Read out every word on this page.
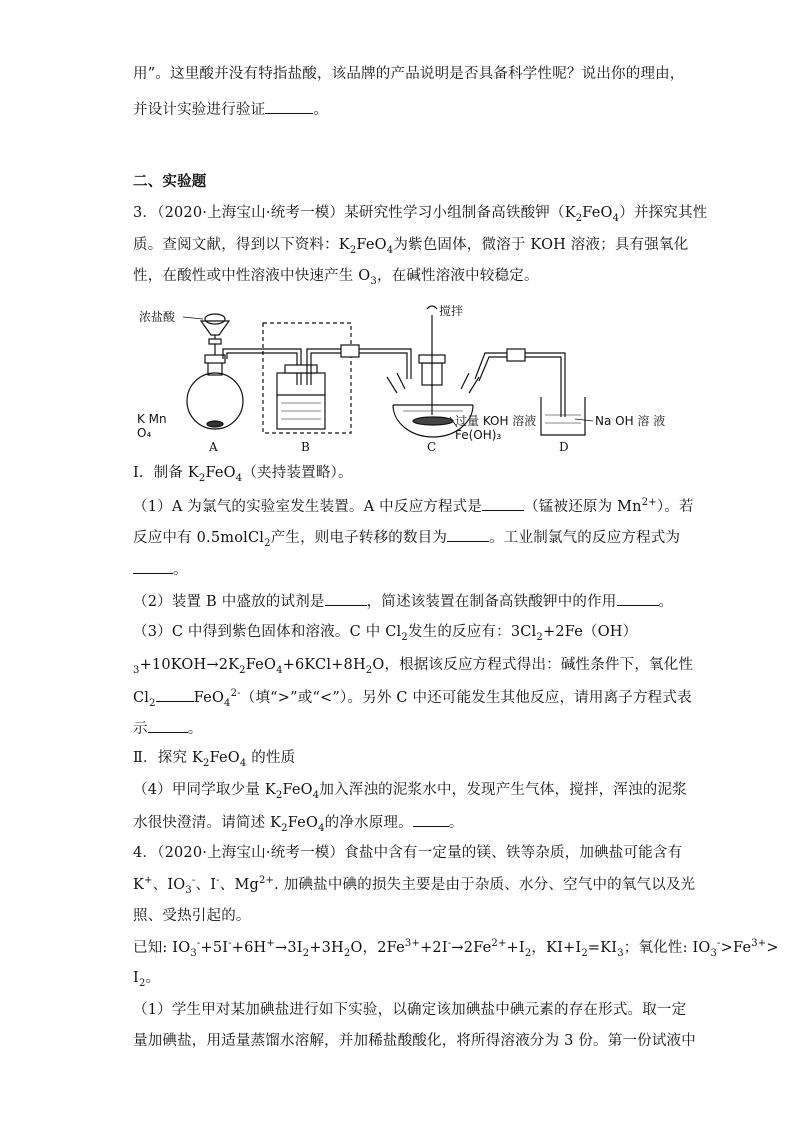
用”。这里酸并没有特指盐酸，该品牌的产品说明是否具备科学性呢？说出你的理由，
并设计实验进行验证	。
二、实验题
3．（2020·上海宝山·统考一模）某研究性学习小组制备高铁酸钾$(K_2FeO_4)$并探究其性
质。查阅文献，得到以下资料：$K_2FeO_4$为紫色固体，微溶于 KOH 溶液；具有强氧化
性，在酸性或中性溶液中快速产生 $O_3$，在碱性溶液中较稳定。
浓盐酸
K Mn
O₄
搅拌
过量 KOH 溶液
Fe(OH)₃
Na OH 溶 液
A	B	C	D
Ⅰ．制备 $K_2FeO_4$（夹持装置略）。
（1）A 为氯气的实验室发生装置。A 中反应方程式是	（锰被还原为 $Mn^{2+}$）。若
反应中有 0.5molCl$_2$产生，则电子转移的数目为	。工业制氯气的反应方程式为
。
（2）装置 B 中盛放的试剂是	，简述该装置在制备高铁酸钾中的作用	。
（3）C 中得到紫色固体和溶液。C 中 $Cl_2$发生的反应有：$3Cl_2+2Fe(OH)$
$_3+10KOH\to 2K_2FeO_4+6KCl+8H_2O$，根据该反应方程式得出：碱性条件下，氧化性
$Cl_2$	FeO$_4^{2-}$（填“>”或“<”）。另外 C 中还可能发生其他反应，请用离子方程式表
示	。
Ⅱ．探究 $K_2FeO_4$ 的性质
（4）甲同学取少量 $K_2FeO_4$加入浑浊的泥浆水中，发现产生气体，搅拌，浑浊的泥浆
水很快澄清。请简述 $K_2FeO_4$的净水原理。 。
4．（2020·上海宝山·统考一模）食盐中含有一定量的镁、铁等杂质，加碘盐可能含有
K+、$IO_3^-$、I-、$Mg^{2+}$. 加碘盐中碘的损失主要是由于杂质、水分、空气中的氧气以及光
照、受热引起的。
已知: $IO_3^-+5I^-+6H^+\to 3I_2+3H_2O$，$2Fe^{3+}+2I^-\to 2Fe^{2+}+I_2$，$KI+I_2=KI_3$；氧化性: $IO_3^->Fe^{3+}>$
$I_2$。
（1）学生甲对某加碘盐进行如下实验，以确定该加碘盐中碘元素的存在形式。取一定
量加碘盐，用适量蒸馏水溶解，并加稀盐酸酸化，将所得溶液分为 3 份。第一份试液中
